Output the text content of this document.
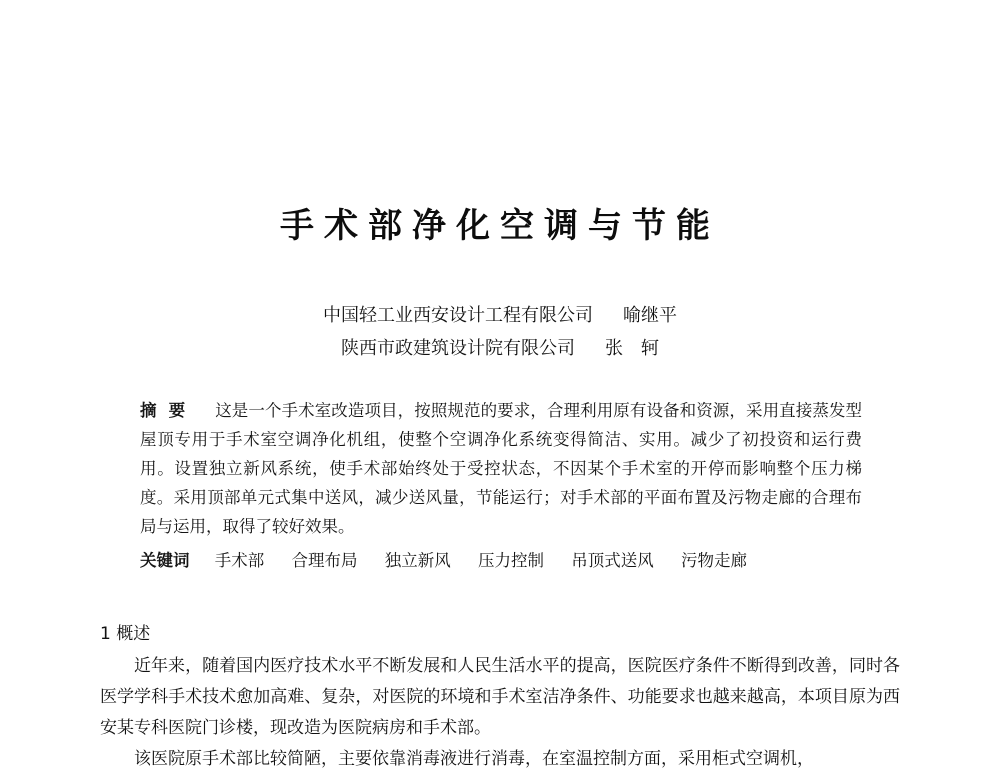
手术部净化空调与节能
中国轻工业西安设计工程有限公司 喻继平
陕西市政建筑设计院有限公司 张　轲
摘要 这是一个手术室改造项目，按照规范的要求，合理利用原有设备和资源，采用直接蒸发型屋顶专用于手术室空调净化机组，使整个空调净化系统变得简洁、实用。减少了初投资和运行费用。设置独立新风系统，使手术部始终处于受控状态，不因某个手术室的开停而影响整个压力梯度。采用顶部单元式集中送风，减少送风量，节能运行；对手术部的平面布置及污物走廊的合理布局与运用，取得了较好效果。
关键词 手术部 合理布局 独立新风 压力控制 吊顶式送风 污物走廊
1 概述
近年来，随着国内医疗技术水平不断发展和人民生活水平的提高，医院医疗条件不断得到改善，同时各医学学科手术技术愈加高难、复杂，对医院的环境和手术室洁净条件、功能要求也越来越高，本项目原为西安某专科医院门诊楼，现改造为医院病房和手术部。
该医院原手术部比较简陋，主要依靠消毒液进行消毒，在室温控制方面，采用柜式空调机，
